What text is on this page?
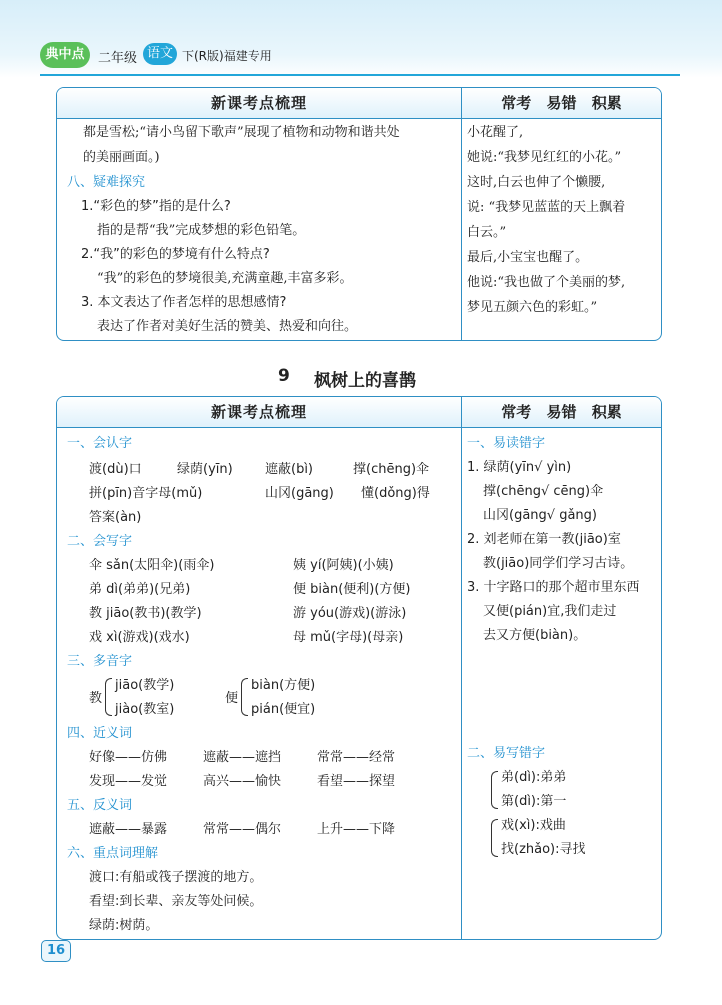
典中点	二年级 语文 下(R版)福建专用
新课考点梳理	常考 易错 积累
都是雪松;“请小鸟留下歌声”展现了植物和动物和谐共处
的美丽画面。)
八、疑难探究
1.“彩色的梦”指的是什么?
指的是帮“我”完成梦想的彩色铅笔。
2.“我”的彩色的梦境有什么特点?
“我”的彩色的梦境很美,充满童趣,丰富多彩。
3. 本文表达了作者怎样的思想感情?
表达了作者对美好生活的赞美、热爱和向往。
小花醒了,
她说:“我梦见红红的小花。”
这时,白云也伸了个懒腰,
说: “我梦见蓝蓝的天上飘着
白云。”
最后,小宝宝也醒了。
他说:“我也做了个美丽的梦,
梦见五颜六色的彩虹。”
9 枫树上的喜鹊
新课考点梳理	常考 易错 积累
一、会认字
渡(dù)口	绿荫(yīn) 遮蔽(bì)	撑(chēng)伞
拼(pīn)音字母(mǔ)	山冈(gāng) 懂(dǒng)得
答案(àn)
二、会写字
伞 sǎn(太阳伞)(雨伞)	姨 yí(阿姨)(小姨)
弟 dì(弟弟)(兄弟)	便 biàn(便利)(方便)
教 jiāo(教书)(教学)	游 yóu(游戏)(游泳)
戏 xì(游戏)(戏水)	母 mǔ(字母)(母亲)
三、多音字
教
jiāo(教学)
jiào(教室)
便
biàn(方便)
pián(便宜)
四、近义词
好像——仿佛	遮蔽——遮挡	常常——经常
发现——发觉	高兴——愉快	看望——探望
五、反义词
遮蔽——暴露	常常——偶尔	上升——下降
六、重点词理解
渡口:有船或筏子摆渡的地方。
看望:到长辈、亲友等处问候。
绿荫:树荫。
一、易读错字
1. 绿荫(yīn√ yìn)
撑(chēng√ cēng)伞
山冈(gāng√ gǎng)
2. 刘老师在第一教(jiāo)室
教(jiāo)同学们学习古诗。
3. 十字路口的那个超市里东西
又便(pián)宜,我们走过
去又方便(biàn)。
二、易写错字
弟(dì):弟弟
第(dì):第一
戏(xì):戏曲
找(zhǎo):寻找
16
